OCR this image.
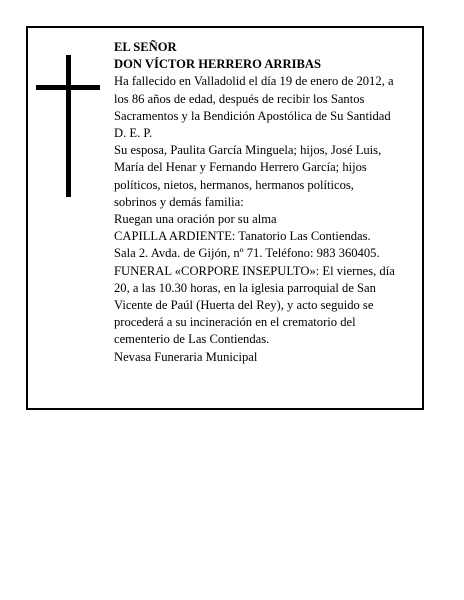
EL SEÑOR
DON VÍCTOR HERRERO ARRIBAS
Ha fallecido en Valladolid el día 19 de enero de 2012, a
los 86 años de edad, después de recibir los Santos
Sacramentos y la Bendición Apostólica de Su Santidad
D. E. P.
Su esposa, Paulita García Minguela; hijos, José Luis,
María del Henar y Fernando Herrero García; hijos
políticos, nietos, hermanos, hermanos políticos,
sobrinos y demás familia:
Ruegan una oración por su alma
CAPILLA ARDIENTE: Tanatorio Las Contiendas.
Sala 2. Avda. de Gijón, nº 71. Teléfono: 983 360405.
FUNERAL «CORPORE INSEPULTO»: El viernes, día
20, a las 10.30 horas, en la iglesia parroquial de San
Vicente de Paúl (Huerta del Rey), y acto seguido se
procederá a su incineración en el crematorio del
cementerio de Las Contiendas.
Nevasa Funeraria Municipal
